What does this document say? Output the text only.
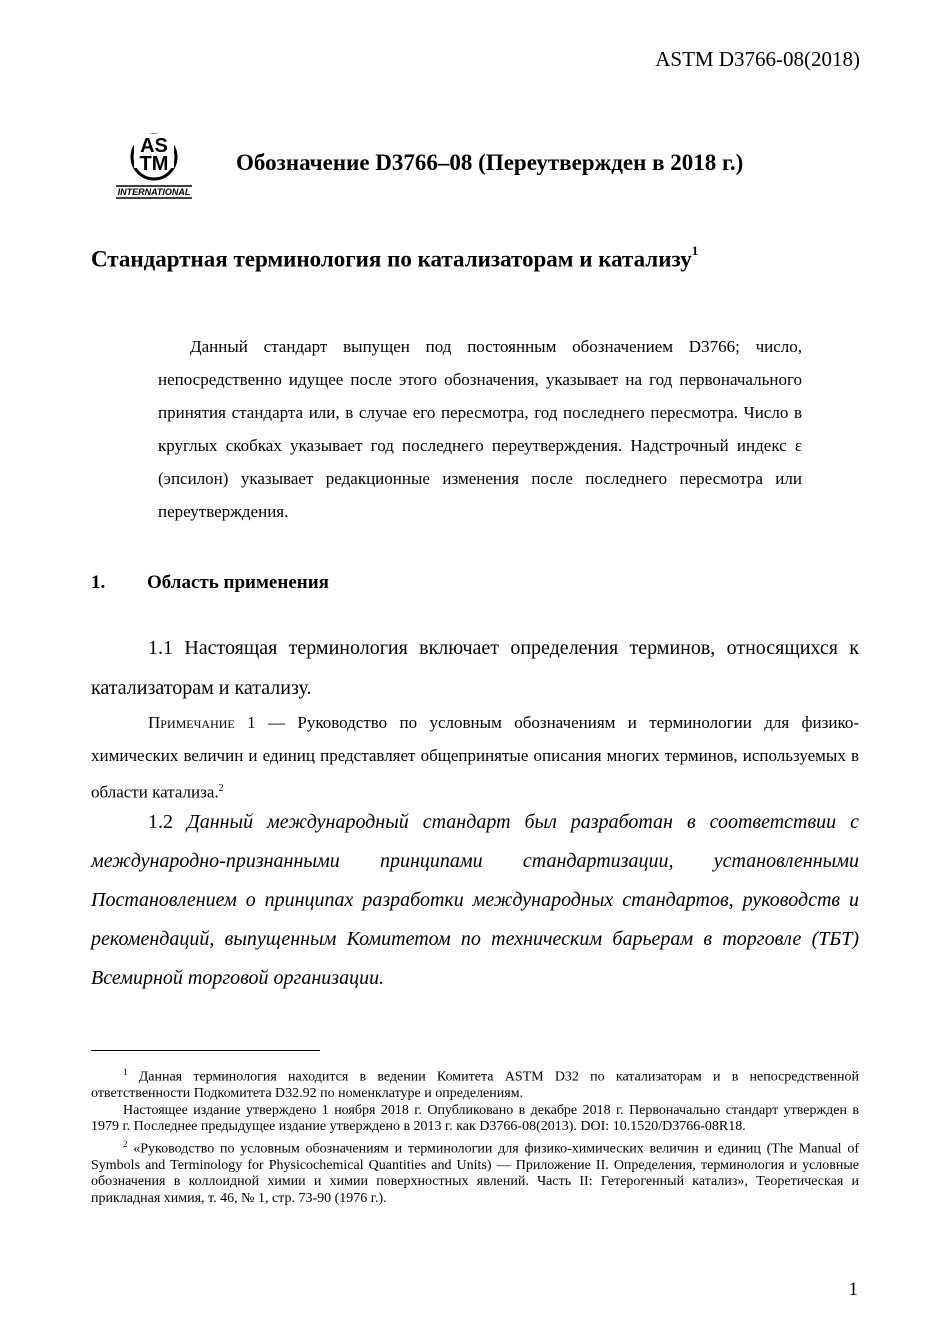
ASTM D3766-08(2018)
AS
TM
INTERNATIONAL
Обозначение D3766–08 (Переутвержден в 2018 г.)
Стандартная терминология по катализаторам и катализу$^1$
Данный стандарт выпущен под постоянным обозначением D3766; число, непосредственно идущее после этого обозначения, указывает на год первоначального принятия стандарта или, в случае его пересмотра, год последнего пересмотра. Число в круглых скобках указывает год последнего переутверждения. Надстрочный индекс ε (эпсилон) указывает редакционные изменения после последнего пересмотра или переутверждения.
1. Область применения
1.1 Настоящая терминология включает определения терминов, относящихся к катализаторам и катализу.
Примечание 1 — Руководство по условным обозначениям и терминологии для физико-химических величин и единиц представляет общепринятые описания многих терминов, используемых в области катализа.$^2$
1.2 Данный международный стандарт был разработан в соответствии с международно-признанными принципами стандартизации, установленными Постановлением о принципах разработки международных стандартов, руководств и рекомендаций, выпущенным Комитетом по техническим барьерам в торговле (ТБТ) Всемирной торговой организации.

$^1$ Данная терминология находится в ведении Комитета ASTM D32 по катализаторам и в непосредственной ответственности Подкомитета D32.92 по номенклатуре и определениям.

Настоящее издание утверждено 1 ноября 2018 г. Опубликовано в декабре 2018 г. Первоначально стандарт утвержден в 1979 г. Последнее предыдущее издание утверждено в 2013 г. как D3766-08(2013). DOI: 10.1520/D3766-08R18.

$^2$ «Руководство по условным обозначениям и терминологии для физико-химических величин и единиц (The Manual of Symbols and Terminology for Physicochemical Quantities and Units) — Приложение II. Определения, терминология и условные обозначения в коллоидной химии и химии поверхностных явлений. Часть II: Гетерогенный катализ», Теоретическая и прикладная химия, т. 46, № 1, стр. 73-90 (1976 г.).

1
